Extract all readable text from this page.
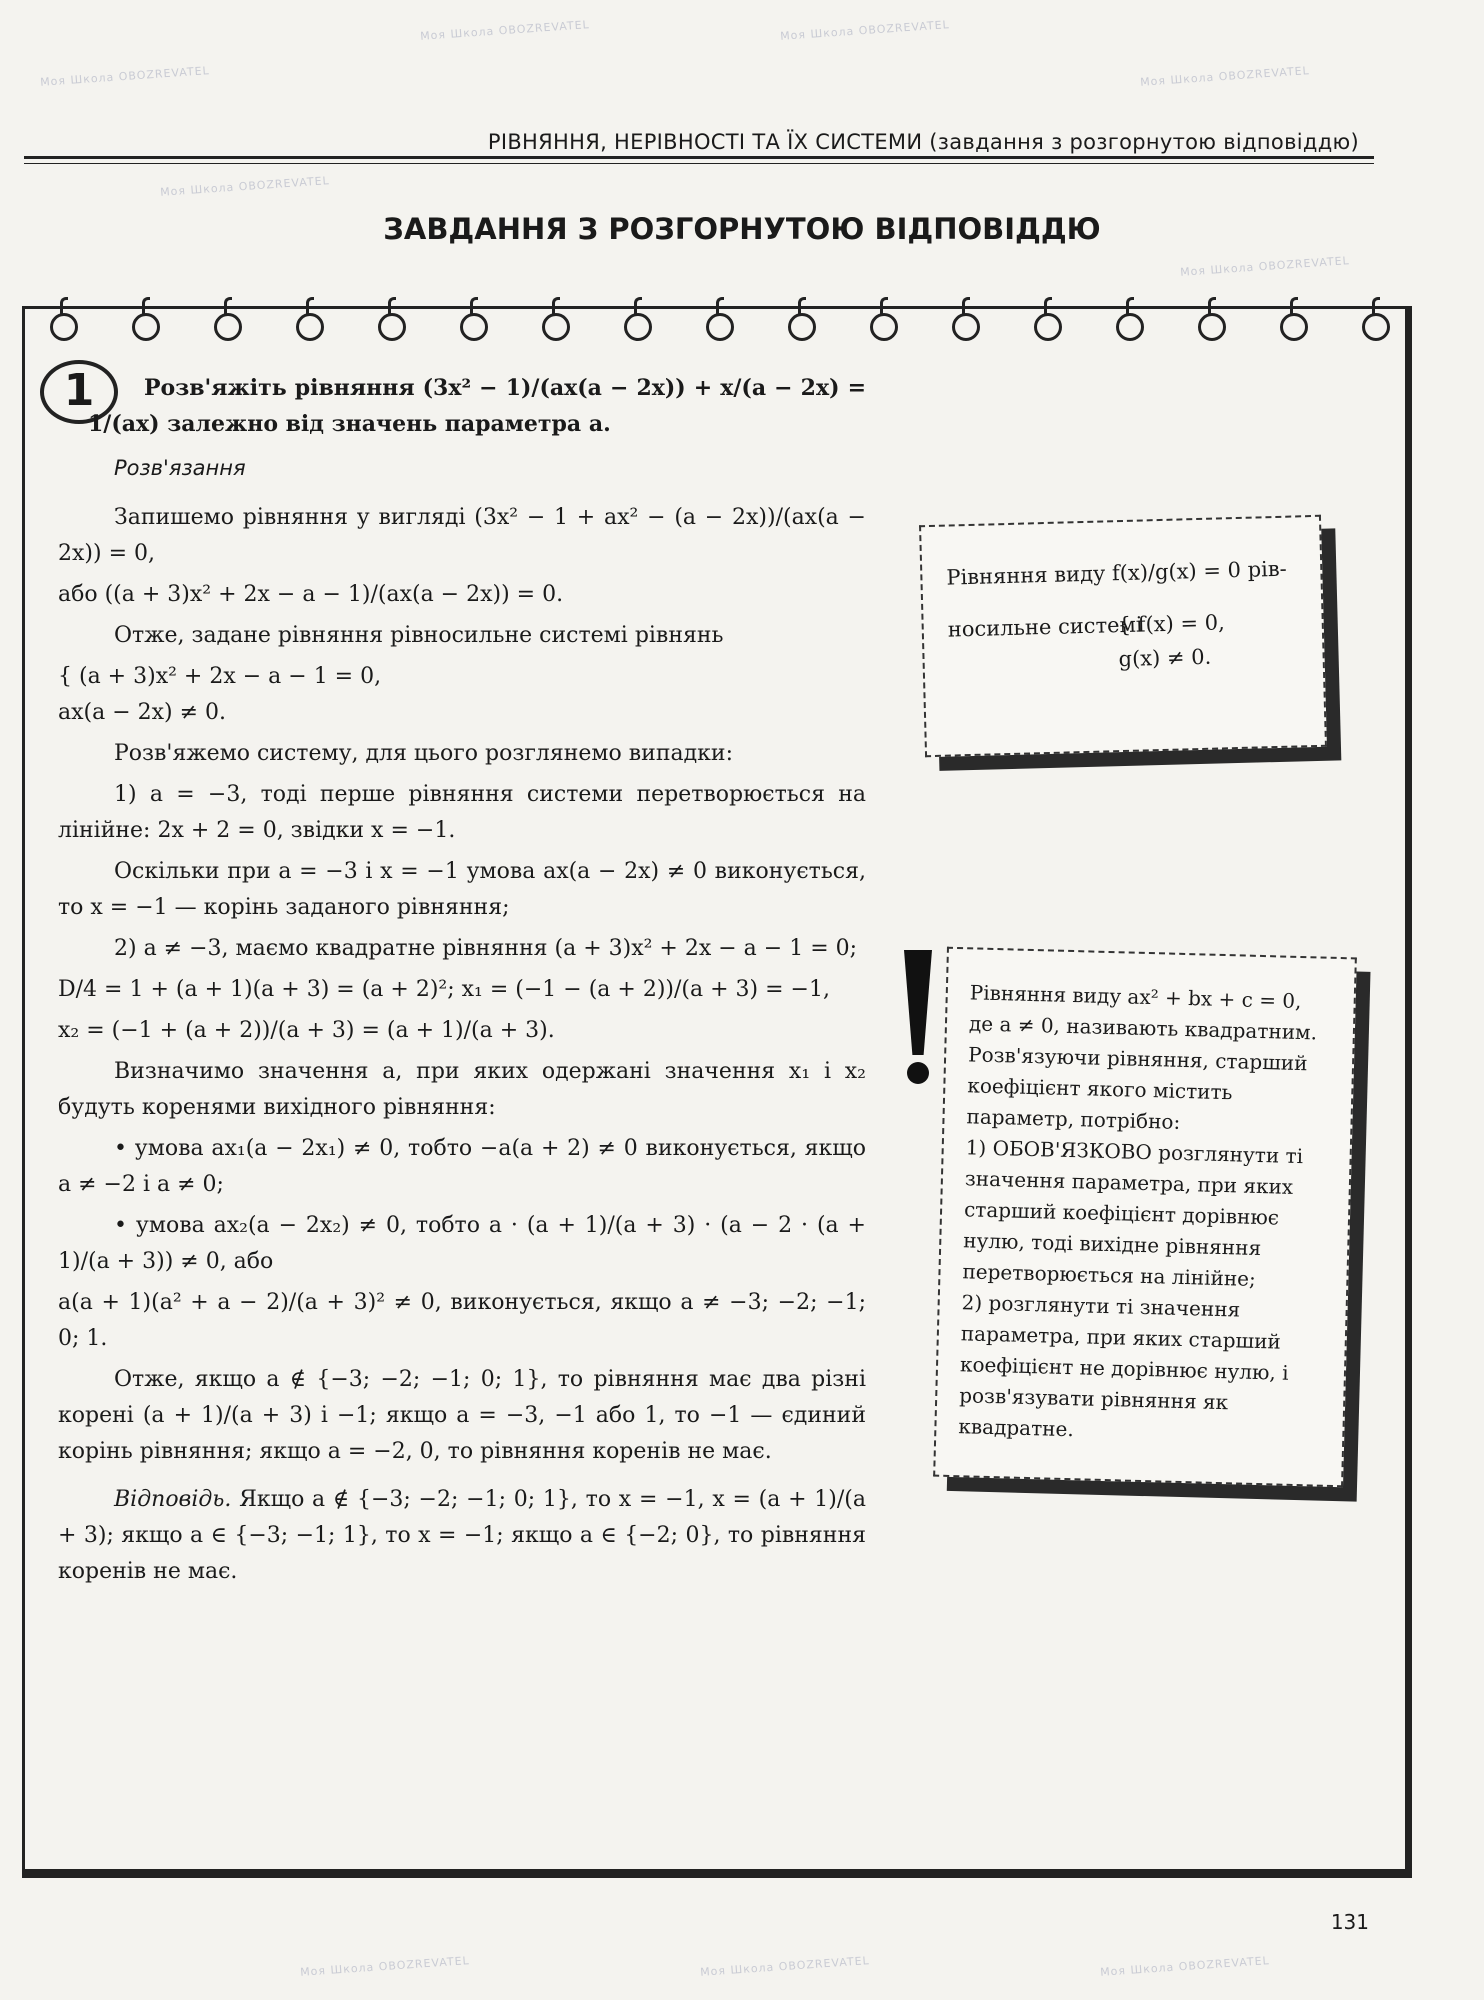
Моя Школа OBOZREVATEL
Моя Школа OBOZREVATEL	Моя Школа OBOZREVATEL
Моя Школа OBOZREVATEL
Моя Школа OBOZREVATEL
Моя Школа OBOZREVATEL
Моя Школа OBOZREVATEL	Моя Школа OBOZREVATEL	Моя Школа OBOZREVATEL
РІВНЯННЯ, НЕРІВНОСТІ ТА ЇХ СИСТЕМИ (завдання з розгорнутою відповіддю)
ЗАВДАННЯ З РОЗГОРНУТОЮ ВІДПОВІДДЮ
1	Розв'яжіть рівняння (3x² − 1)/(ax(a − 2x)) + x/(a − 2x) = 1/(ax) залежно від значень параметра a.

Розв'язання

Запишемо рівняння у вигляді (3x² − 1 + ax² − (a − 2x))/(ax(a − 2x)) = 0,

або ((a + 3)x² + 2x − a − 1)/(ax(a − 2x)) = 0.

Отже, задане рівняння рівносильне системі рівнянь

{ (a + 3)x² + 2x − a − 1 = 0,

ax(a − 2x) ≠ 0.

Розв'яжемо систему, для цього розглянемо випадки:

1) a = −3, тоді перше рівняння системи перетворюється на лінійне: 2x + 2 = 0, звідки x = −1.

Оскільки при a = −3 і x = −1 умова ax(a − 2x) ≠ 0 виконується, то x = −1 — корінь заданого рівняння;

2) a ≠ −3, маємо квадратне рівняння (a + 3)x² + 2x − a − 1 = 0;

D/4 = 1 + (a + 1)(a + 3) = (a + 2)²; x₁ = (−1 − (a + 2))/(a + 3) = −1,

x₂ = (−1 + (a + 2))/(a + 3) = (a + 1)/(a + 3).

Визначимо значення a, при яких одержані значення x₁ і x₂ будуть коренями вихідного рівняння:

• умова ax₁(a − 2x₁) ≠ 0, тобто −a(a + 2) ≠ 0 виконується, якщо a ≠ −2 і a ≠ 0;

• умова ax₂(a − 2x₂) ≠ 0, тобто a · (a + 1)/(a + 3) · (a − 2 · (a + 1)/(a + 3)) ≠ 0, або

a(a + 1)(a² + a − 2)/(a + 3)² ≠ 0, виконується, якщо a ≠ −3; −2; −1; 0; 1.

Отже, якщо a ∉ {−3; −2; −1; 0; 1}, то рівняння має два різні корені (a + 1)/(a + 3) і −1; якщо a = −3, −1 або 1, то −1 — єдиний корінь рівняння; якщо a = −2, 0, то рівняння коренів не має.

Відповідь. Якщо a ∉ {−3; −2; −1; 0; 1}, то x = −1, x = (a + 1)/(a + 3); якщо a ∈ {−3; −1; 1}, то x = −1; якщо a ∈ {−2; 0}, то рівняння коренів не має.

Рівняння виду f(x)/g(x) = 0 рів-
носильне системі
{ f(x) = 0,
g(x) ≠ 0.
Рівняння виду ax² + bx + c = 0, де a ≠ 0, називають квадратним.
Розв'язуючи рівняння, старший коефіцієнт якого містить параметр, потрібно:
1) ОБОВ'ЯЗКОВО розглянути ті значення параметра, при яких старший коефіцієнт дорівнює нулю, тоді вихідне рівняння перетворюється на лінійне;
2) розглянути ті значення параметра, при яких старший коефіцієнт не дорівнює нулю, і розв'язувати рівняння як квадратне.
131
